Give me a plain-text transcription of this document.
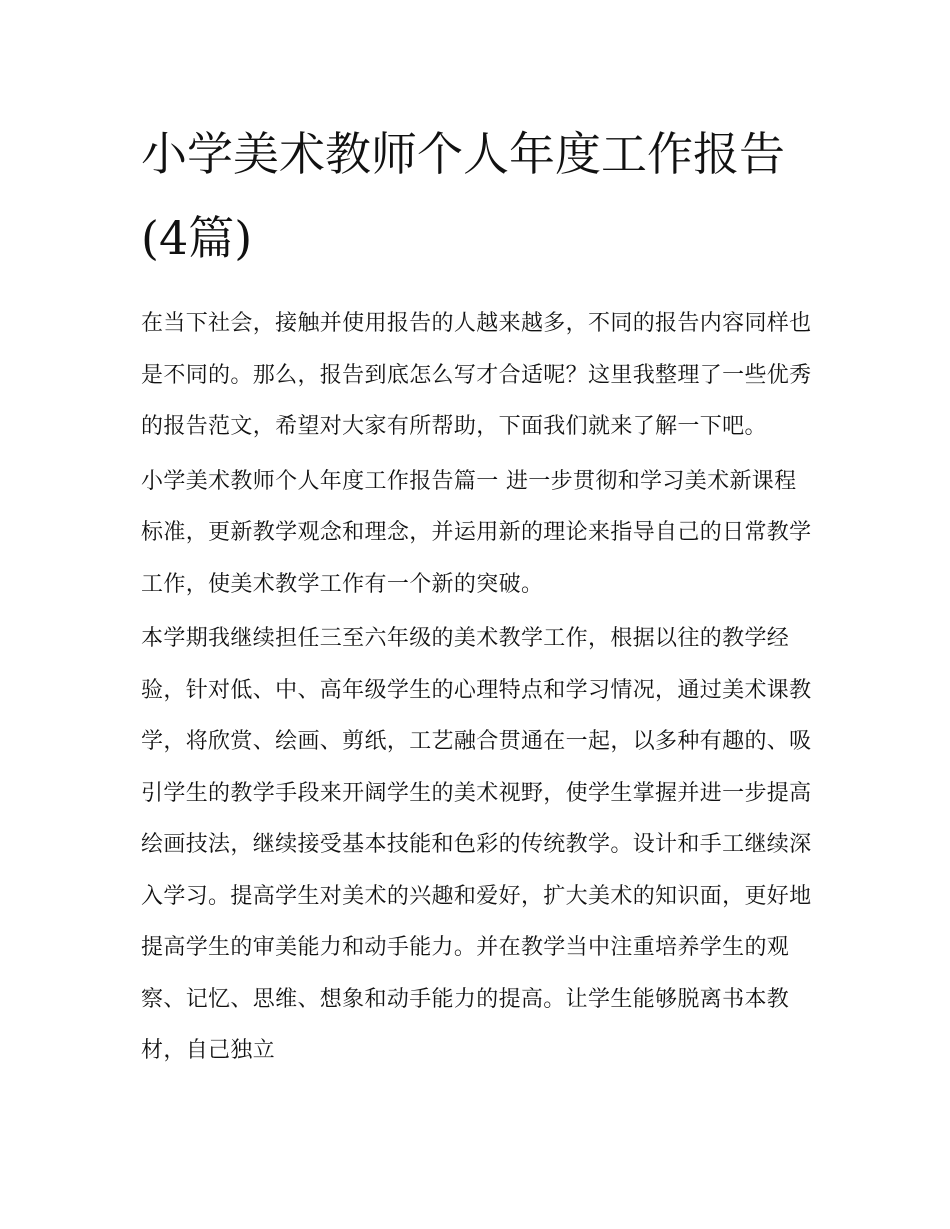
小学美术教师个人年度工作报告(4篇)

在当下社会，接触并使用报告的人越来越多，不同的报告内容同样也是不同的。那么，报告到底怎么写才合适呢？这里我整理了一些优秀的报告范文，希望对大家有所帮助，下面我们就来了解一下吧。

小学美术教师个人年度工作报告篇一 进一步贯彻和学习美术新课程标准，更新教学观念和理念，并运用新的理论来指导自己的日常教学工作，使美术教学工作有一个新的突破。

本学期我继续担任三至六年级的美术教学工作，根据以往的教学经验，针对低、中、高年级学生的心理特点和学习情况，通过美术课教学，将欣赏、绘画、剪纸，工艺融合贯通在一起，以多种有趣的、吸引学生的教学手段来开阔学生的美术视野，使学生掌握并进一步提高绘画技法，继续接受基本技能和色彩的传统教学。设计和手工继续深入学习。提高学生对美术的兴趣和爱好，扩大美术的知识面，更好地提高学生的审美能力和动手能力。并在教学当中注重培养学生的观察、记忆、思维、想象和动手能力的提高。让学生能够脱离书本教材，自己独立
